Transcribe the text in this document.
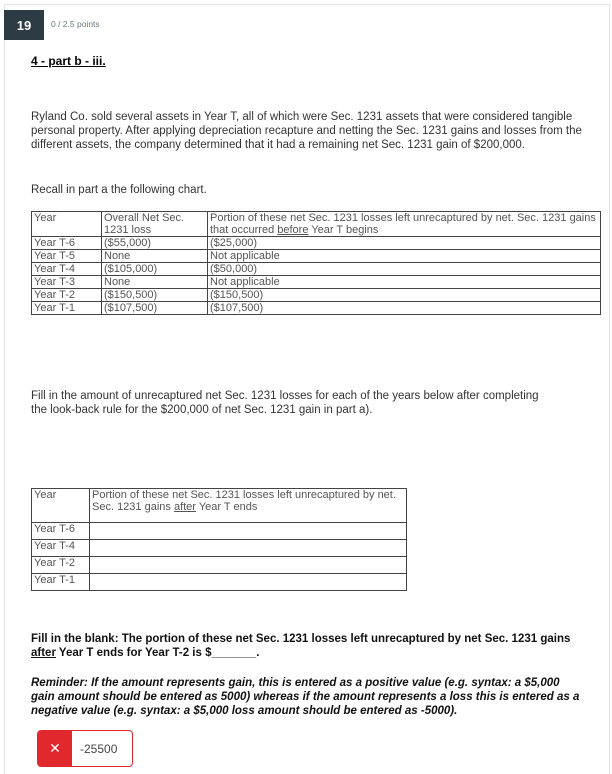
19	0 / 2.5 points
4 - part b - iii.

Ryland Co. sold several assets in Year T, all of which were Sec. 1231 assets that were considered tangible personal property. After applying depreciation recapture and netting the Sec. 1231 gains and losses from the different assets, the company determined that it had a remaining net Sec. 1231 gain of $200,000.

Recall in part a the following chart.

Year	Overall Net Sec. 1231 loss	Portion of these net Sec. 1231 losses left unrecaptured by net. Sec. 1231 gains that occurred before Year T begins
Year T-6	($55,000)	($25,000)
Year T-5	None	Not applicable
Year T-4	($105,000)	($50,000)
Year T-3	None	Not applicable
Year T-2	($150,500)	($150,500)
Year T-1	($107,500)	($107,500)

Fill in the amount of unrecaptured net Sec. 1231 losses for each of the years below after completing the look-back rule for the $200,000 of net Sec. 1231 gain in part a).

Year	Portion of these net Sec. 1231 losses left unrecaptured by net. Sec. 1231 gains after Year T ends
Year T-6	
Year T-4	
Year T-2	
Year T-1	

Fill in the blank: The portion of these net Sec. 1231 losses left unrecaptured by net Sec. 1231 gains after Year T ends for Year T-2 is $_______.

Reminder: If the amount represents gain, this is entered as a positive value (e.g. syntax: a $5,000 gain amount should be entered as 5000) whereas if the amount represents a loss this is entered as a negative value (e.g. syntax: a $5,000 loss amount should be entered as -5000).

✕	-25500
